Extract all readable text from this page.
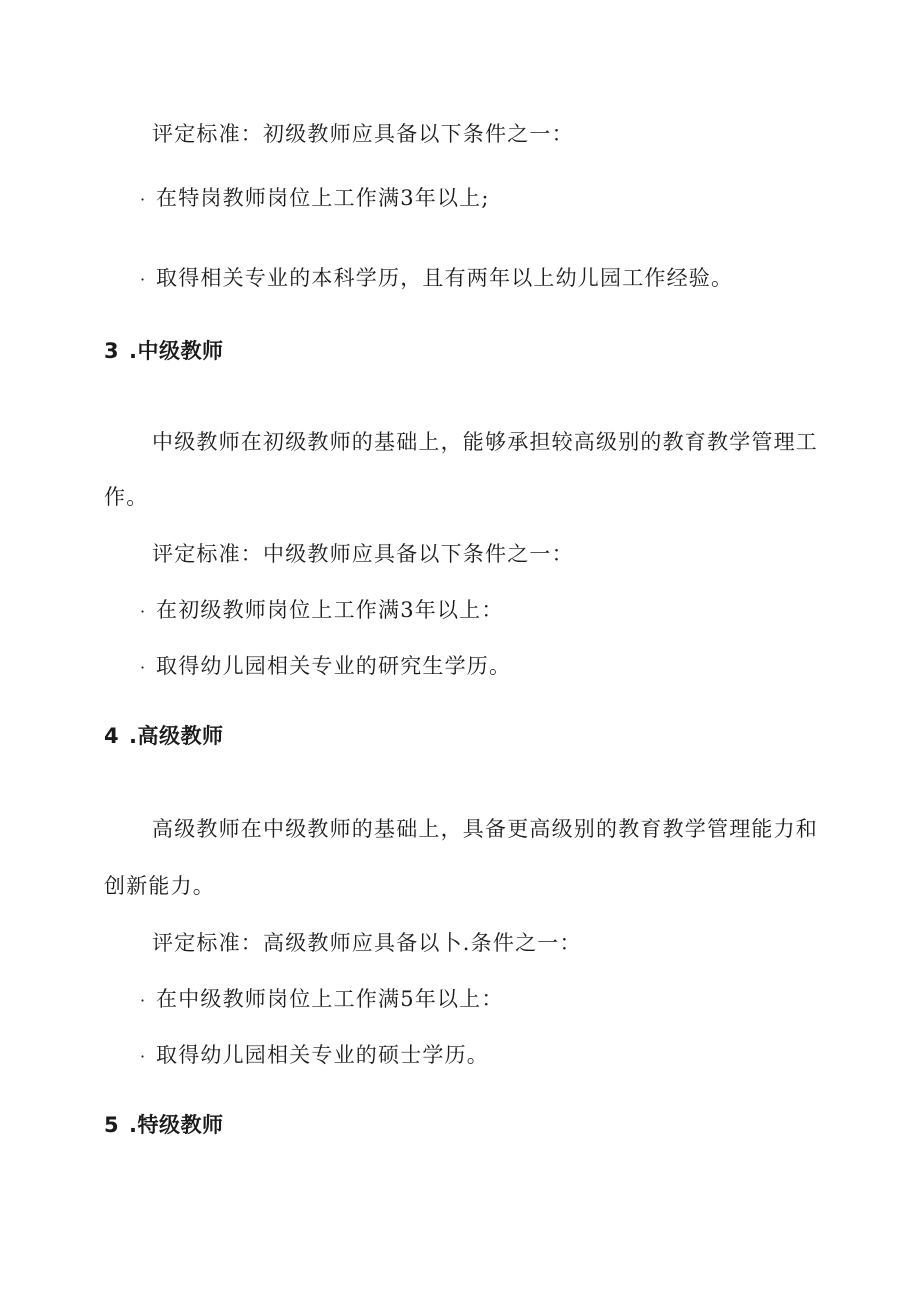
评定标准：初级教师应具备以下条件之一：
· 在特岗教师岗位上工作满3年以上;
· 取得相关专业的本科学历，且有两年以上幼儿园工作经验。
3 .中级教师
中级教师在初级教师的基础上，能够承担较高级别的教育教学管理工
作。
评定标准：中级教师应具备以下条件之一：
· 在初级教师岗位上工作满3年以上：
· 取得幼儿园相关专业的研究生学历。
4 .高级教师
高级教师在中级教师的基础上，具备更高级别的教育教学管理能力和
创新能力。
评定标准：高级教师应具备以卜.条件之一：
· 在中级教师岗位上工作满5年以上：
· 取得幼儿园相关专业的硕士学历。
5 .特级教师
